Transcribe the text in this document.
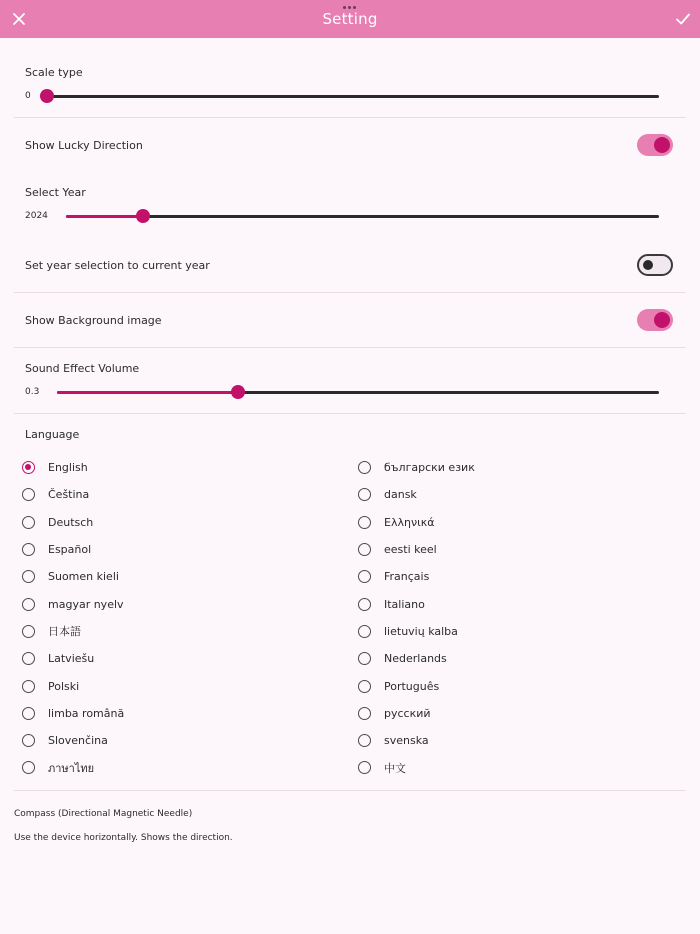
Setting
Scale type
0
Show Lucky Direction
Select Year
2024
Set year selection to current year
Show Background image
Sound Effect Volume
0.3
Language
English
Čeština
Deutsch
Español
Suomen kieli
magyar nyelv
日本語
Latviešu
Polski
limba română
Slovenčina
ภาษาไทย
български език
dansk
Ελληνικά
eesti keel
Français
Italiano
lietuvių kalba
Nederlands
Português
русский
svenska
中文
Compass (Directional Magnetic Needle)
Use the device horizontally. Shows the direction.
